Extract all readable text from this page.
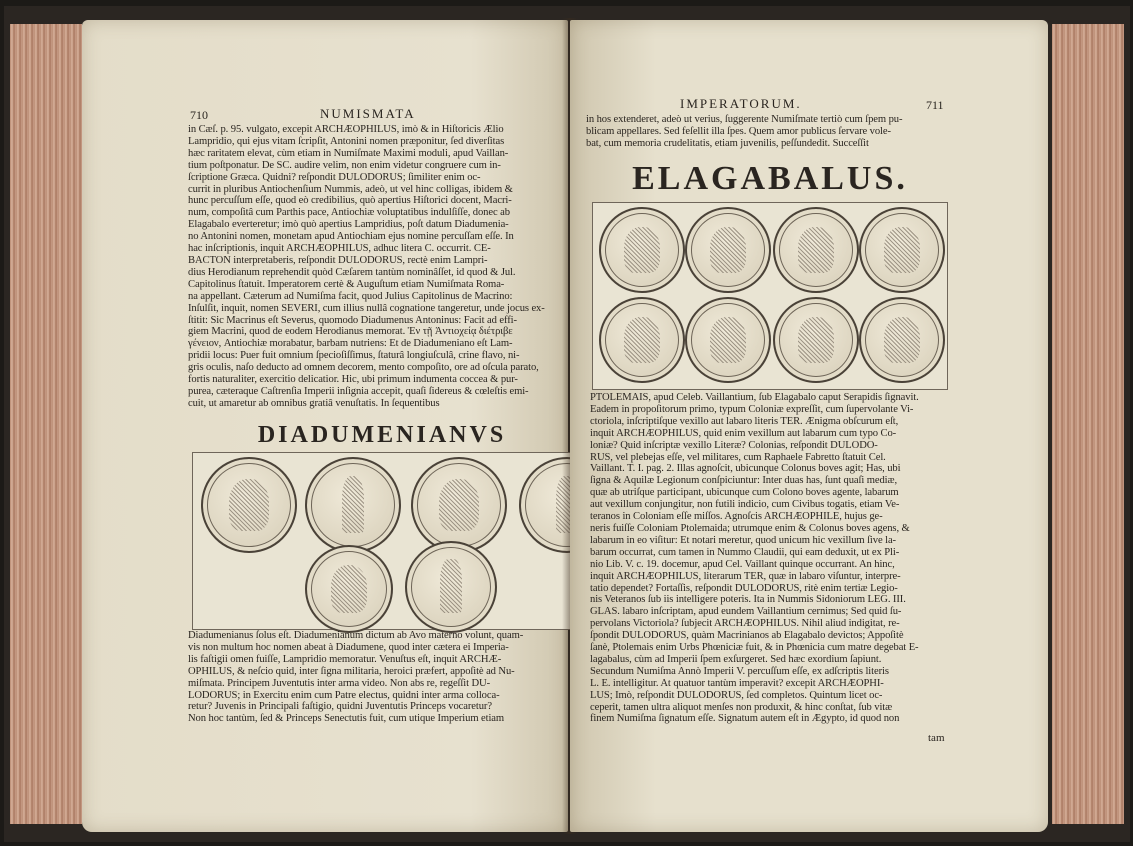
710	NUMISMATA

in Cæſ. p. 95. vulgato, excepit ARCHÆOPHILUS, imò & in Hiſtoricis Ælio

Lampridio, qui ejus vitam ſcripſit, Antonini nomen præponitur, ſed diverſitas

hæc raritatem elevat, cùm etiam in Numiſmate Maximi moduli, apud Vaillan-

tium poſtponatur. De SC. audire velim, non enim videtur congruere cum in-

ſcriptione Græca. Quidni? reſpondit DULODORUS; ſimiliter enim oc-

currit in pluribus Antiochenſium Nummis, adeò, ut vel hinc colligas, ibidem &

hunc percuſſum eſſe, quod eò credibilius, quò apertius Hiſtorici docent, Macri-

num, compoſitâ cum Parthis pace, Antiochiæ voluptatibus indulſiſſe, donec ab

Elagabalo everteretur; imò quò apertius Lampridius, poſt datum Diadumenia-

no Antonini nomen, monetam apud Antiochiam ejus nomine percuſſam eſſe. In

hac inſcriptionis, inquit ARCHÆOPHILUS, adhuc litera C. occurrit. CE-

BACTON interpretaberis, reſpondit DULODORUS, rectè enim Lampri-

dius Herodianum reprehendit quòd Cæſarem tantùm nominâſſet, id quod & Jul.

Capitolinus ſtatuit. Imperatorem certè & Auguſtum etiam Numiſmata Roma-

na appellant. Cæterum ad Numiſma facit, quod Julius Capitolinus de Macrino:

Inſulſit, inquit, nomen SEVERI, cum illius nullâ cognatione tangeretur, unde jocus ex-

ſtitit: Sic Macrinus eſt Severus, quomodo Diadumenus Antoninus: Facit ad effi-

giem Macrini, quod de eodem Herodianus memorat. Ἐν τῇ Ἀντιοχείᾳ διέτριβε

γένειον, Antiochiæ morabatur, barbam nutriens: Et de Diadumeniano eſt Lam-

pridii locus: Puer fuit omnium ſpecioſiſſimus, ſtaturâ longiuſculâ, crine flavo, ni-

gris oculis, naſo deducto ad omnem decorem, mento compoſito, ore ad oſcula parato,

fortis naturaliter, exercitio delicatior. Hic, ubi primum indumenta coccea & pur-

purea, cæteraque Caſtrenſia Imperii inſignia accepit, quaſi ſidereus & cœleſtis emi-

cuit, ut amaretur ab omnibus gratiâ venuſtatis. In ſequentibus

DIADUMENIANVS

Diadumenianus ſolus eſt. Diadumenianum dictum ab Avo materno volunt, quam-

vis non multum hoc nomen abeat à Diadumene, quod inter cætera ei Imperia-

lis faſtigii omen fuiſſe, Lampridio memoratur. Venuſtus eſt, inquit ARCHÆ-

OPHILUS, & neſcio quid, inter ſigna militaria, heroici præfert, appoſitè ad Nu-

miſmata. Principem Juventutis inter arma video. Non abs re, regeſſit DU-

LODORUS; in Exercitu enim cum Patre electus, quidni inter arma colloca-

retur? Juvenis in Principali faſtigio, quidni Juventutis Princeps vocaretur?

Non hoc tantùm, ſed & Princeps Senectutis fuit, cum utique Imperium etiam

IMPERATORUM.	711

in hos extenderet, adeò ut verius, ſuggerente Numiſmate tertiò cum ſpem pu-

blicam appellares. Sed feſellit illa ſpes. Quem amor publicus ſervare vole-

bat, cum memoria crudelitatis, etiam juvenilis, peſſundedit. Succeſſit

ELAGABALUS.

PTOLEMAIS, apud Celeb. Vaillantium, ſub Elagabalo caput Serapidis ſignavit.

Eadem in propoſitorum primo, typum Coloniæ expreſſit, cum ſupervolante Vi-

ctoriola, inſcriptiſque vexillo aut labaro literis TER. Ænigma obſcurum eſt,

inquit ARCHÆOPHILUS, quid enim vexillum aut labarum cum typo Co-

loniæ? Quid inſcriptæ vexillo Literæ? Colonias, reſpondit DULODO-

RUS, vel plebejas eſſe, vel militares, cum Raphaele Fabretto ſtatuit Cel.

Vaillant. T. I. pag. 2. Illas agnoſcit, ubicunque Colonus boves agit; Has, ubi

ſigna & Aquilæ Legionum conſpiciuntur: Inter duas has, ſunt quaſi mediæ,

quæ ab utriſque participant, ubicunque cum Colono boves agente, labarum

aut vexillum conjungitur, non futili indicio, cum Civibus togatis, etiam Ve-

teranos in Coloniam eſſe miſſos. Agnoſcis ARCHÆOPHILE, hujus ge-

neris fuiſſe Coloniam Ptolemaida; utrumque enim & Colonus boves agens, &

labarum in eo viſitur: Et notari meretur, quod unicum hic vexillum ſive la-

barum occurrat, cum tamen in Nummo Claudii, qui eam deduxit, ut ex Pli-

nio Lib. V. c. 19. docemur, apud Cel. Vaillant quinque occurrant. An hinc,

inquit ARCHÆOPHILUS, literarum TER, quæ in labaro viſuntur, interpre-

tatio dependet? Fortaſſis, reſpondit DULODORUS, ritè enim tertiæ Legio-

nis Veteranos ſub iis intelligere poteris. Ita in Nummis Sidoniorum LEG. III.

GLAS. labaro inſcriptam, apud eundem Vaillantium cernimus; Sed quid ſu-

pervolans Victoriola? ſubjecit ARCHÆOPHILUS. Nihil aliud indigitat, re-

ſpondit DULODORUS, quàm Macrinianos ab Elagabalo devictos; Appoſitè

ſanè, Ptolemais enim Urbs Phœniciæ fuit, & in Phœnicia cum matre degebat E-

lagabalus, cùm ad Imperii ſpem exſurgeret. Sed hæc exordium ſapiunt.

Secundum Numiſma Annò Imperii V. percuſſum eſſe, ex adſcriptis literis

L. E. intelligitur. At quatuor tantùm imperavit? excepit ARCHÆOPHI-

LUS; Imò, reſpondit DULODORUS, ſed completos. Quintum licet oc-

ceperit, tamen ultra aliquot menſes non produxit, & hinc conſtat, ſub vitæ

finem Numiſma ſignatum eſſe. Signatum autem eſt in Ægypto, id quod non

tam
